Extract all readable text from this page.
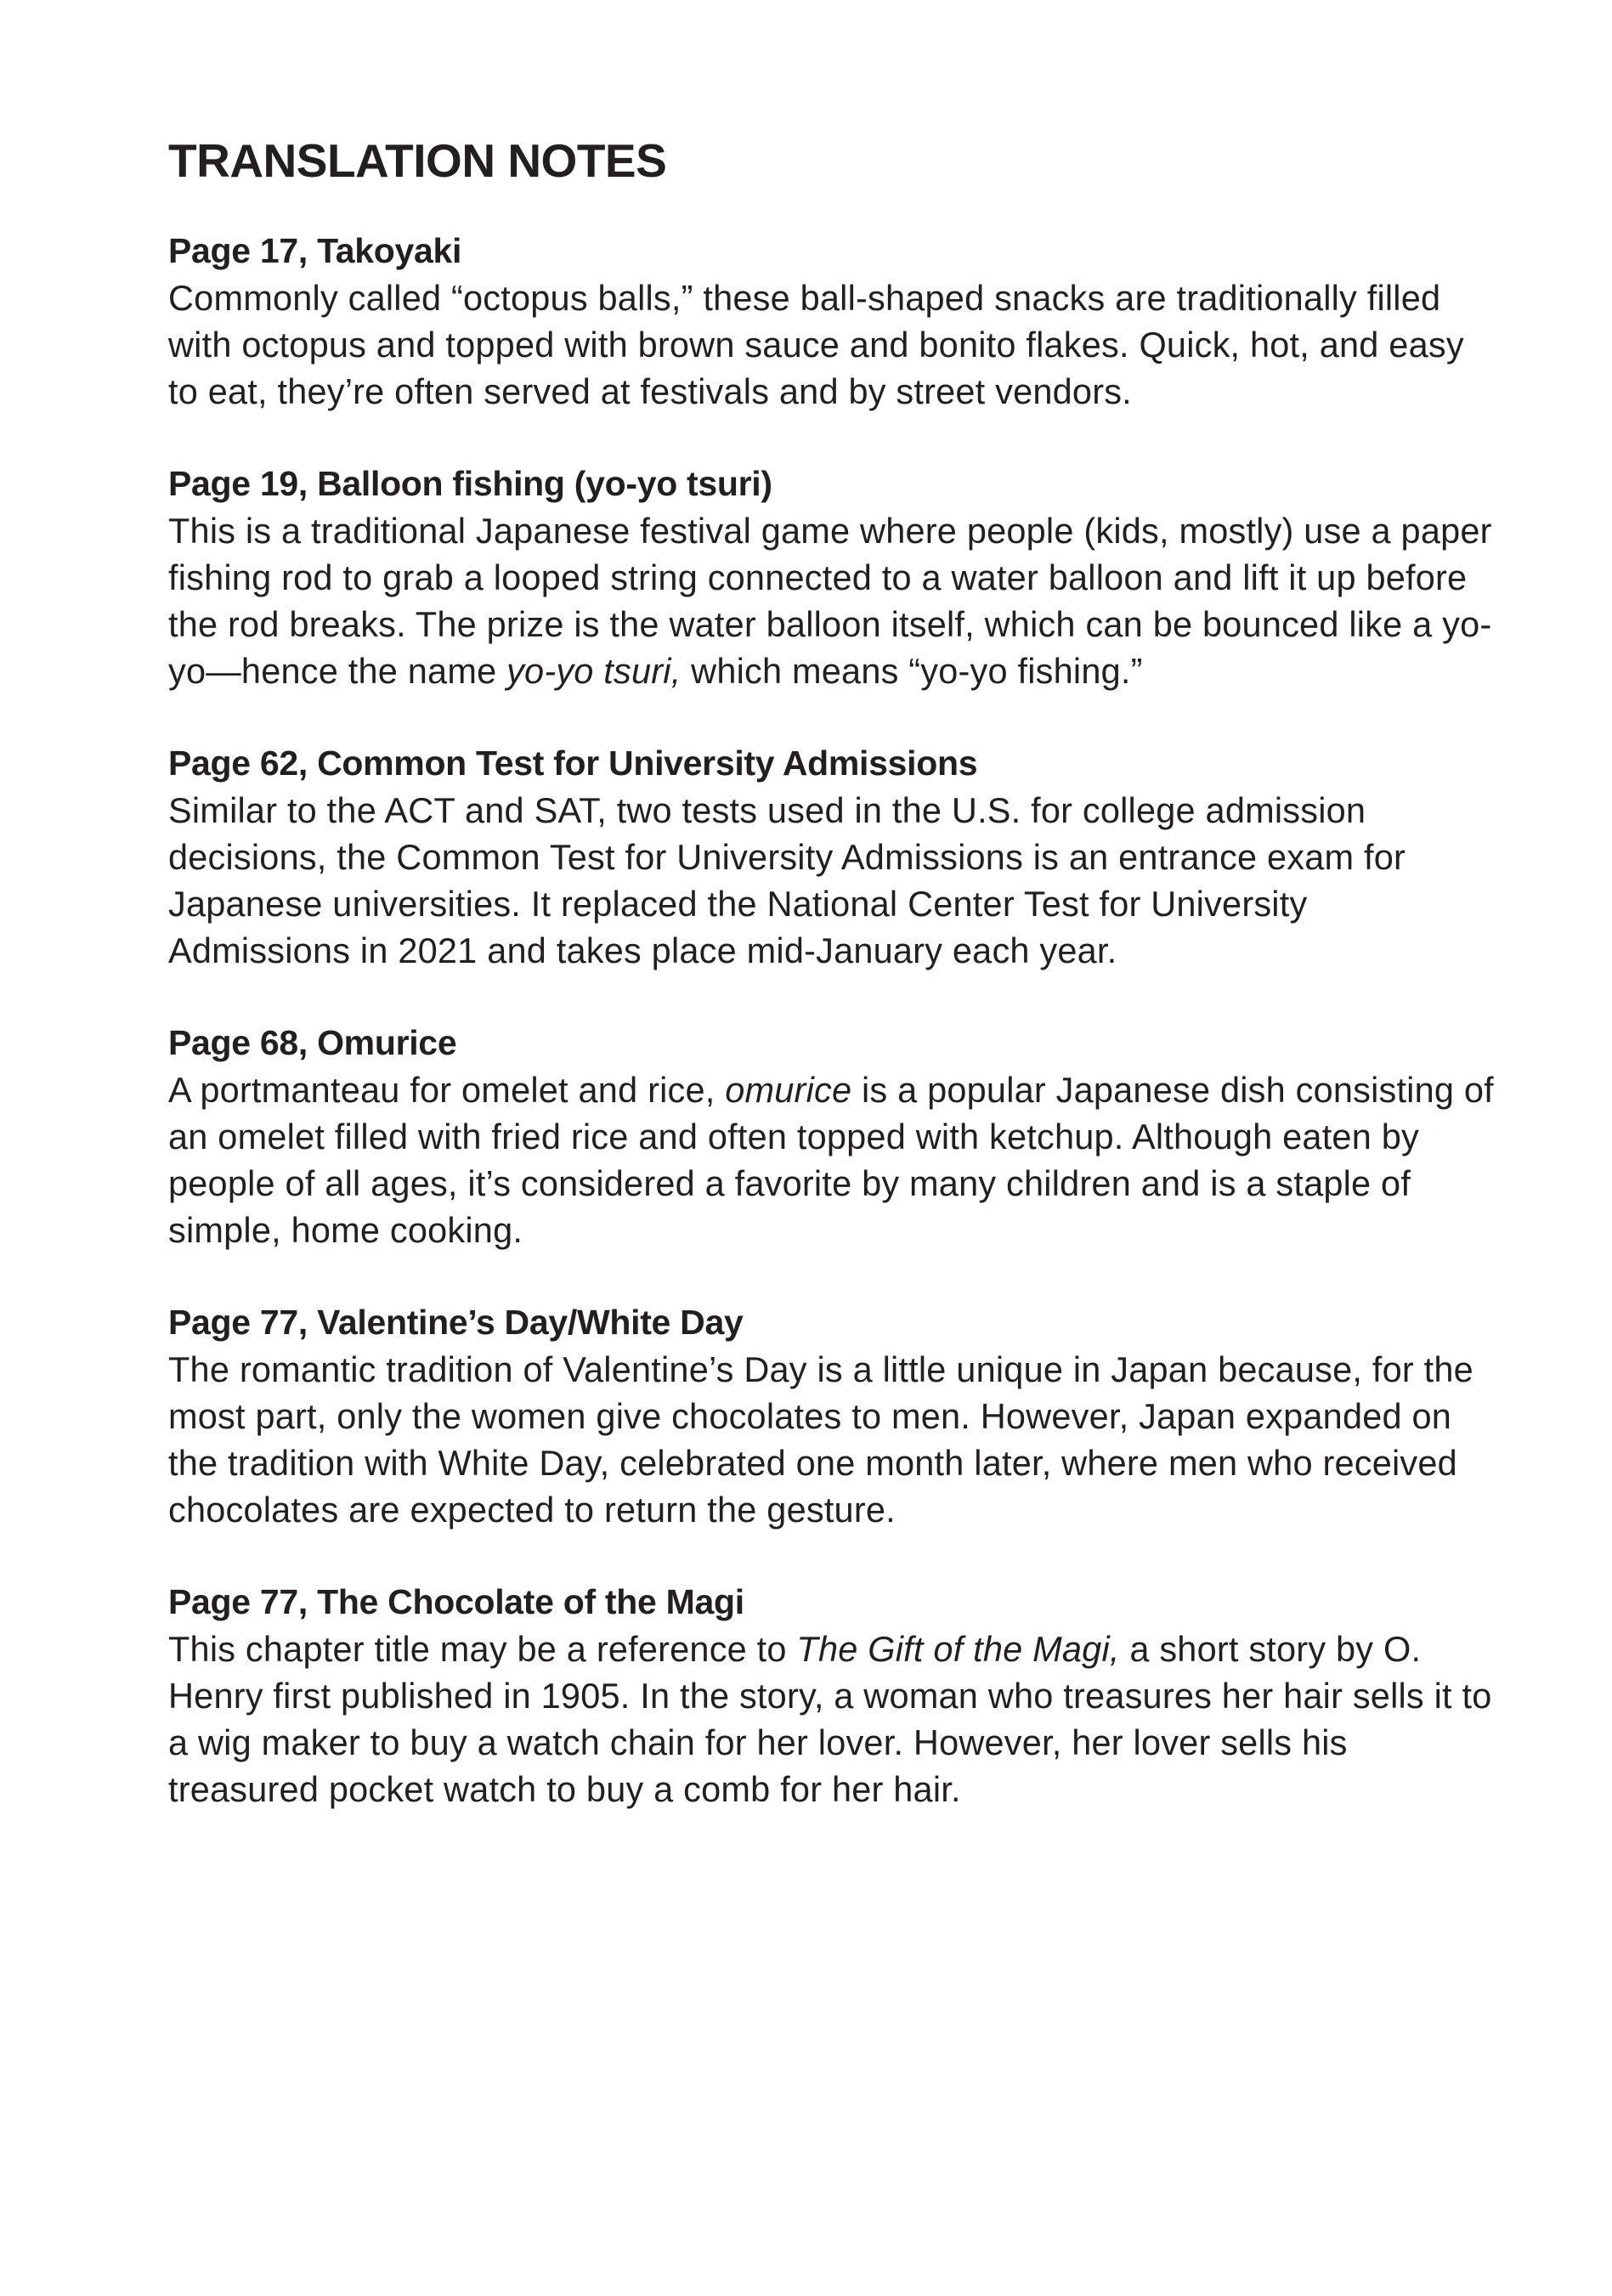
TRANSLATION NOTES
Page 17, Takoyaki
Commonly called “octopus balls,” these ball-shaped snacks are traditionally filled with octopus and topped with brown sauce and bonito flakes. Quick, hot, and easy to eat, they’re often served at festivals and by street vendors.
Page 19, Balloon fishing (yo-yo tsuri)
This is a traditional Japanese festival game where people (kids, mostly) use a paper fishing rod to grab a looped string connected to a water balloon and lift it up before the rod breaks. The prize is the water balloon itself, which can be bounced like a yo-yo—hence the name yo-yo tsuri, which means “yo-yo fishing.”
Page 62, Common Test for University Admissions
Similar to the ACT and SAT, two tests used in the U.S. for college admission decisions, the Common Test for University Admissions is an entrance exam for Japanese universities. It replaced the National Center Test for University Admissions in 2021 and takes place mid-January each year.
Page 68, Omurice
A portmanteau for omelet and rice, omurice is a popular Japanese dish consisting of an omelet filled with fried rice and often topped with ketchup. Although eaten by people of all ages, it’s considered a favorite by many children and is a staple of simple, home cooking.
Page 77, Valentine’s Day/White Day
The romantic tradition of Valentine’s Day is a little unique in Japan because, for the most part, only the women give chocolates to men. However, Japan expanded on the tradition with White Day, celebrated one month later, where men who received chocolates are expected to return the gesture.
Page 77, The Chocolate of the Magi
This chapter title may be a reference to The Gift of the Magi, a short story by O. Henry first published in 1905. In the story, a woman who treasures her hair sells it to a wig maker to buy a watch chain for her lover. However, her lover sells his treasured pocket watch to buy a comb for her hair.
